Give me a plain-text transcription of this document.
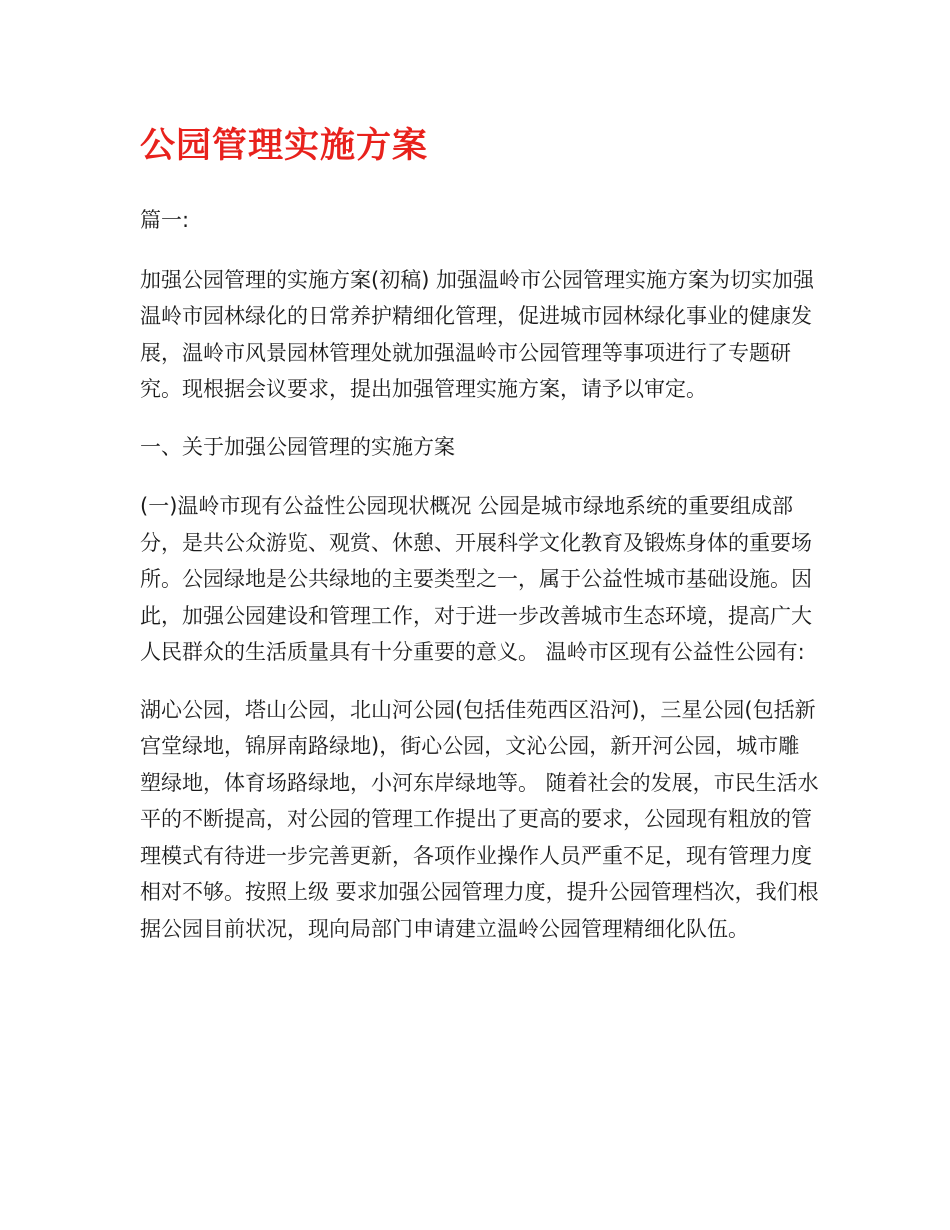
公园管理实施方案

篇一:

加强公园管理的实施方案(初稿) 加强温岭市公园管理实施方案为切实加强温岭市园林绿化的日常养护精细化管理，促进城市园林绿化事业的健康发展，温岭市风景园林管理处就加强温岭市公园管理等事项进行了专题研究。现根据会议要求，提出加强管理实施方案，请予以审定。

一、关于加强公园管理的实施方案

(一)温岭市现有公益性公园现状概况 公园是城市绿地系统的重要组成部分，是共公众游览、观赏、休憩、开展科学文化教育及锻炼身体的重要场所。公园绿地是公共绿地的主要类型之一，属于公益性城市基础设施。因此，加强公园建设和管理工作，对于进一步改善城市生态环境，提高广大人民群众的生活质量具有十分重要的意义。 温岭市区现有公益性公园有:

湖心公园，塔山公园，北山河公园(包括佳苑西区沿河)，三星公园(包括新宫堂绿地，锦屏南路绿地)，街心公园，文沁公园，新开河公园，城市雕塑绿地，体育场路绿地，小河东岸绿地等。 随着社会的发展，市民生活水平的不断提高，对公园的管理工作提出了更高的要求，公园现有粗放的管理模式有待进一步完善更新，各项作业操作人员严重不足，现有管理力度相对不够。按照上级 要求加强公园管理力度，提升公园管理档次，我们根据公园目前状况，现向局部门申请建立温岭公园管理精细化队伍。
